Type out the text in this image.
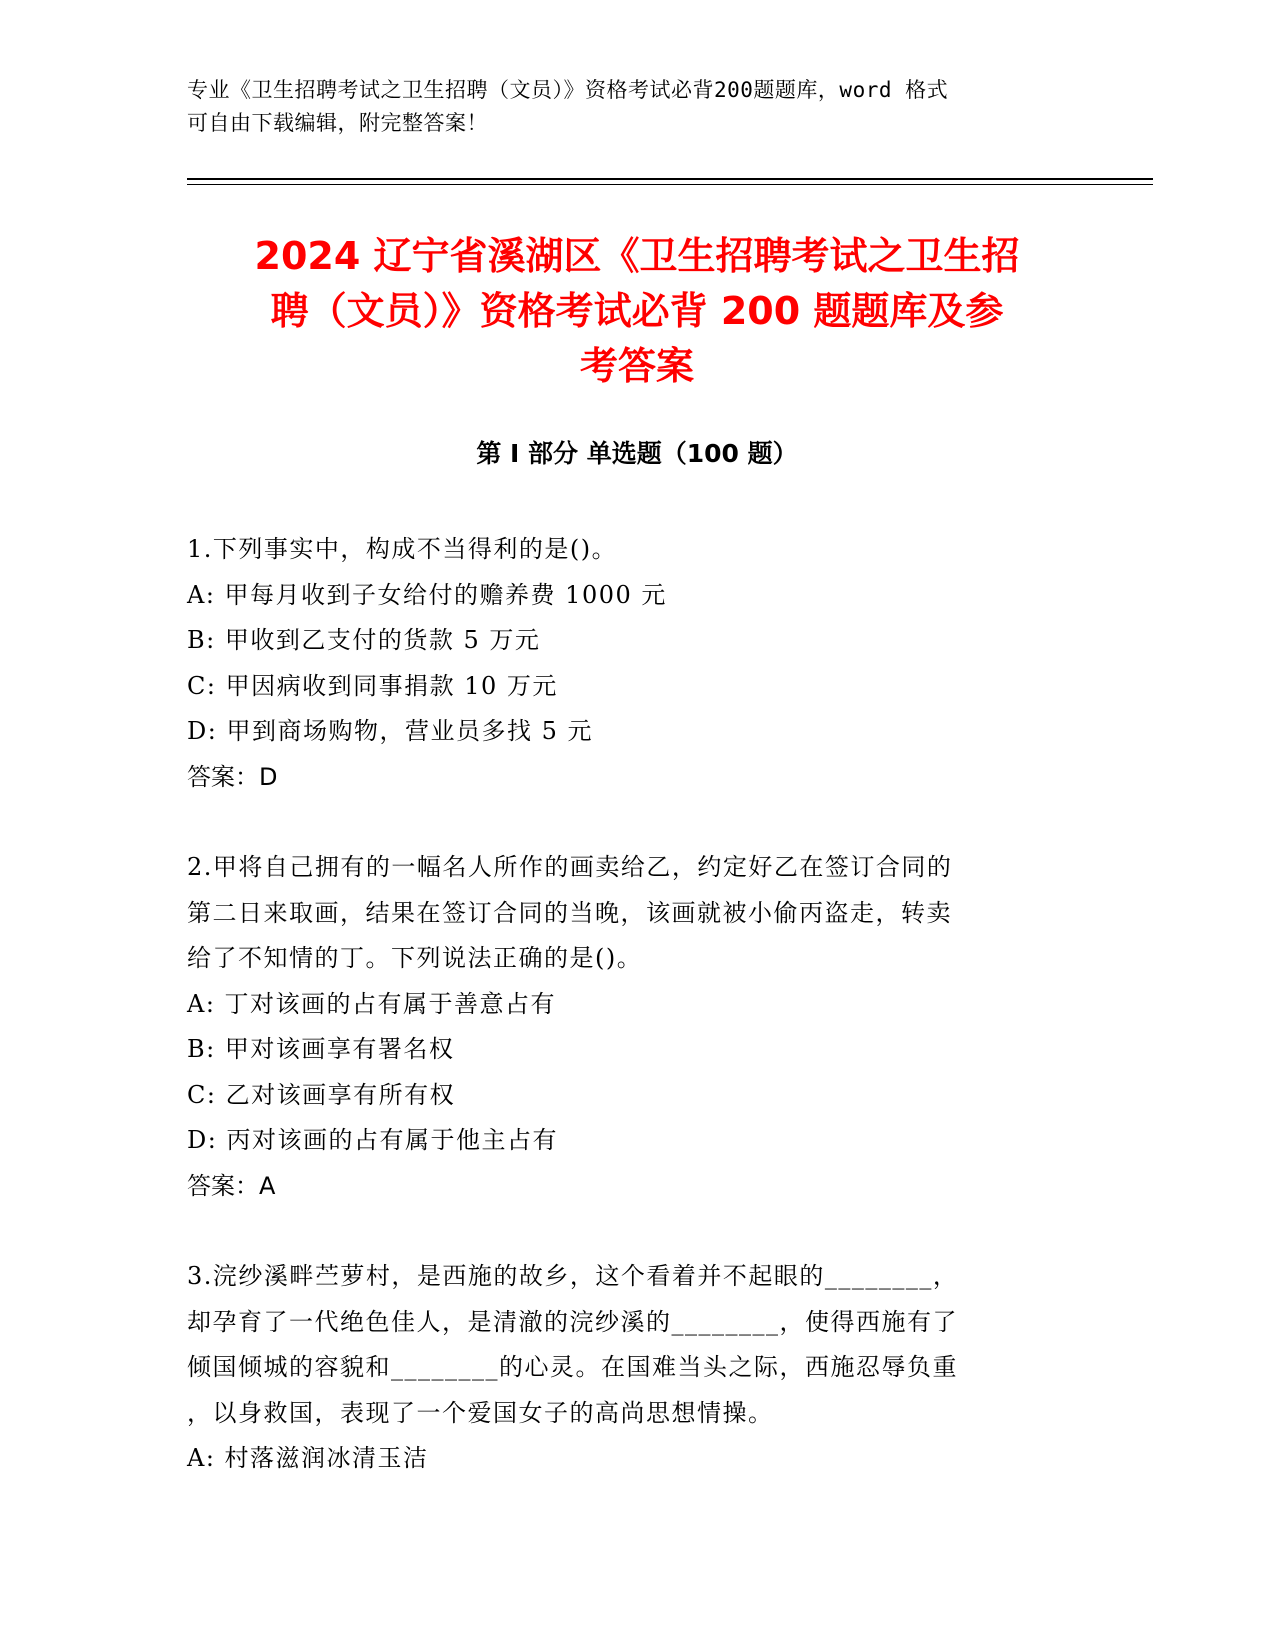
专业《卫生招聘考试之卫生招聘（文员）》资格考试必背200题题库，word 格式
可自由下载编辑，附完整答案！
2024 辽宁省溪湖区《卫生招聘考试之卫生招
聘（文员）》资格考试必背 200 题题库及参
考答案
第 I 部分 单选题（100 题）

1 . 下列事实中，构成不当得利的是()。

A: 甲每月收到子女给付的赡养费 1000 元

B: 甲收到乙支付的货款 5 万元

C: 甲因病收到同事捐款 10 万元

D: 甲到商场购物，营业员多找 5 元

答案：D

2 . 甲将自己拥有的一幅名人所作的画卖给乙，约定好乙在签订合同的

第二日来取画，结果在签订合同的当晚，该画就被小偷丙盗走，转卖

给了不知情的丁。下列说法正确的是()。

A: 丁对该画的占有属于善意占有

B: 甲对该画享有署名权

C: 乙对该画享有所有权

D: 丙对该画的占有属于他主占有

答案：A

3 . 浣纱溪畔苎萝村，是西施的故乡，这个看着并不起眼的________，

却孕育了一代绝色佳人，是清澈的浣纱溪的________，使得西施有了

倾国倾城的容貌和________的心灵。在国难当头之际，西施忍辱负重

，以身救国，表现了一个爱国女子的高尚思想情操。

A: 村落滋润冰清玉洁
